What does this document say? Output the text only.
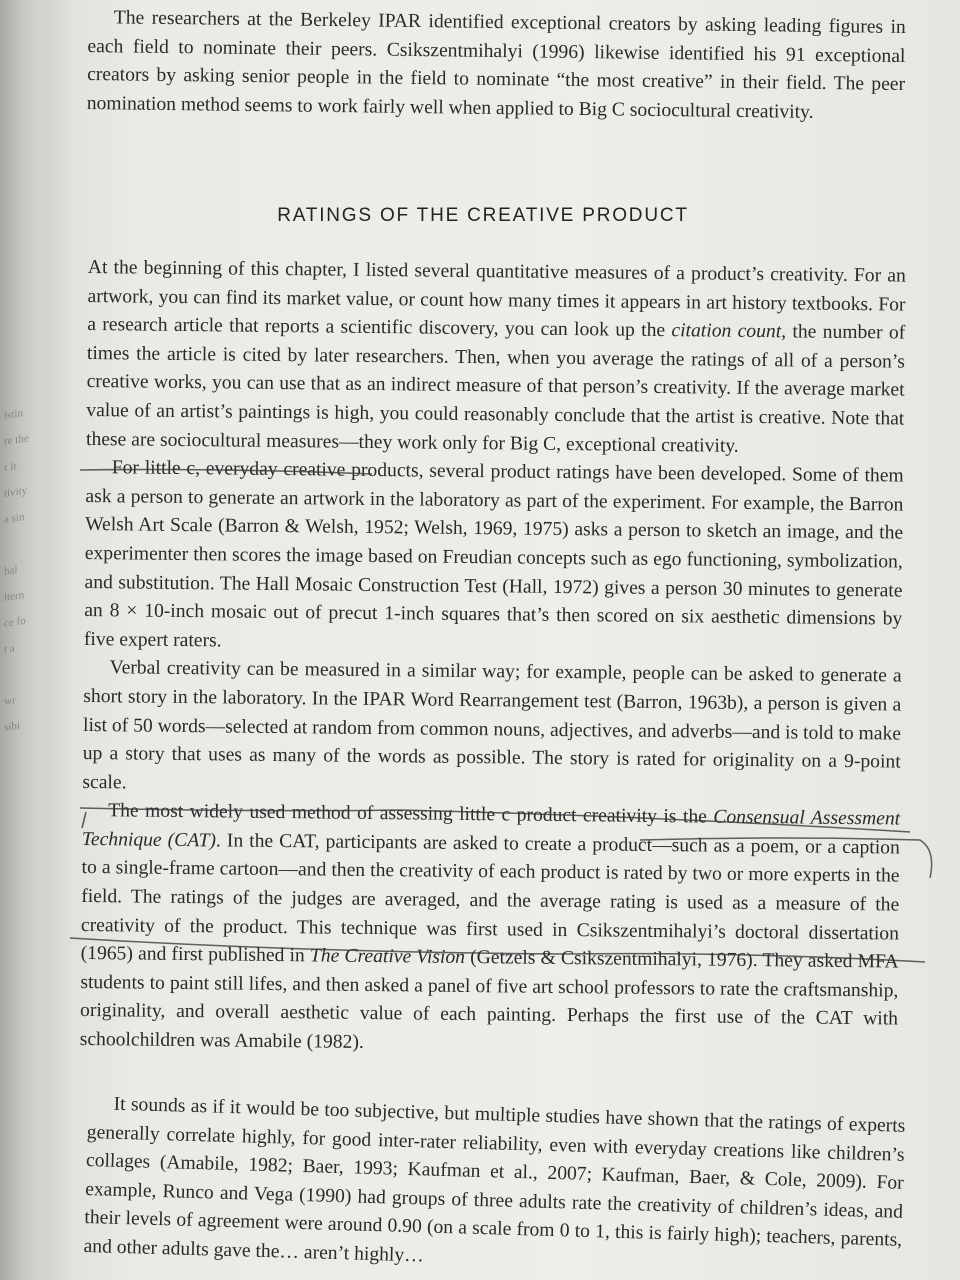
istin
re the
r it
tivity
a sin

hal
ltern
ce fo
t a

wr
sibi

The researchers at the Berkeley IPAR identified exceptional creators by asking leading figures in each field to nominate their peers. Csikszentmihalyi (1996) likewise identified his 91 exceptional creators by asking senior people in the field to nominate “the most creative” in their field. The peer nomination method seems to work fairly well when applied to Big C sociocultural creativity.

RATINGS OF THE CREATIVE PRODUCT

At the beginning of this chapter, I listed several quantitative measures of a product’s creativity. For an artwork, you can find its market value, or count how many times it appears in art history textbooks. For a research article that reports a scientific discovery, you can look up the citation count, the number of times the article is cited by later researchers. Then, when you average the ratings of all of a person’s creative works, you can use that as an indirect measure of that person’s creativity. If the average market value of an artist’s paintings is high, you could reasonably conclude that the artist is creative. Note that these are sociocultural measures—they work only for Big C, exceptional creativity.

For little c, everyday creative products, several product ratings have been developed. Some of them ask a person to generate an artwork in the laboratory as part of the experiment. For example, the Barron Welsh Art Scale (Barron & Welsh, 1952; Welsh, 1969, 1975) asks a person to sketch an image, and the experimenter then scores the image based on Freudian concepts such as ego functioning, symbolization, and substitution. The Hall Mosaic Construction Test (Hall, 1972) gives a person 30 minutes to generate an 8 × 10-inch mosaic out of precut 1-inch squares that’s then scored on six aesthetic dimensions by five expert raters.

Verbal creativity can be measured in a similar way; for example, people can be asked to generate a short story in the laboratory. In the IPAR Word Rearrangement test (Barron, 1963b), a person is given a list of 50 words—selected at random from common nouns, adjectives, and adverbs—and is told to make up a story that uses as many of the words as possible. The story is rated for originality on a 9-point scale.

The most widely used method of assessing little c product creativity is the Consensual Assessment Technique (CAT). In the CAT, participants are asked to create a product—such as a poem, or a caption to a single-frame cartoon—and then the creativity of each product is rated by two or more experts in the field. The ratings of the judges are averaged, and the average rating is used as a measure of the creativity of the product. This technique was first used in Csikszentmihalyi’s doctoral dissertation (1965) and first published in The Creative Vision (Getzels & Csikszentmihalyi, 1976). They asked MFA students to paint still lifes, and then asked a panel of five art school professors to rate the craftsmanship, originality, and overall aesthetic value of each painting. Perhaps the first use of the CAT with schoolchildren was Amabile (1982).

It sounds as if it would be too subjective, but multiple studies have shown that the ratings of experts generally correlate highly, for good inter-rater reliability, even with everyday creations like children’s collages (Amabile, 1982; Baer, 1993; Kaufman et al., 2007; Kaufman, Baer, & Cole, 2009). For example, Runco and Vega (1990) had groups of three adults rate the creativity of children’s ideas, and their levels of agreement were around 0.90 (on a scale from 0 to 1, this is fairly high); teachers, parents, and other adults gave the… aren’t highly…
